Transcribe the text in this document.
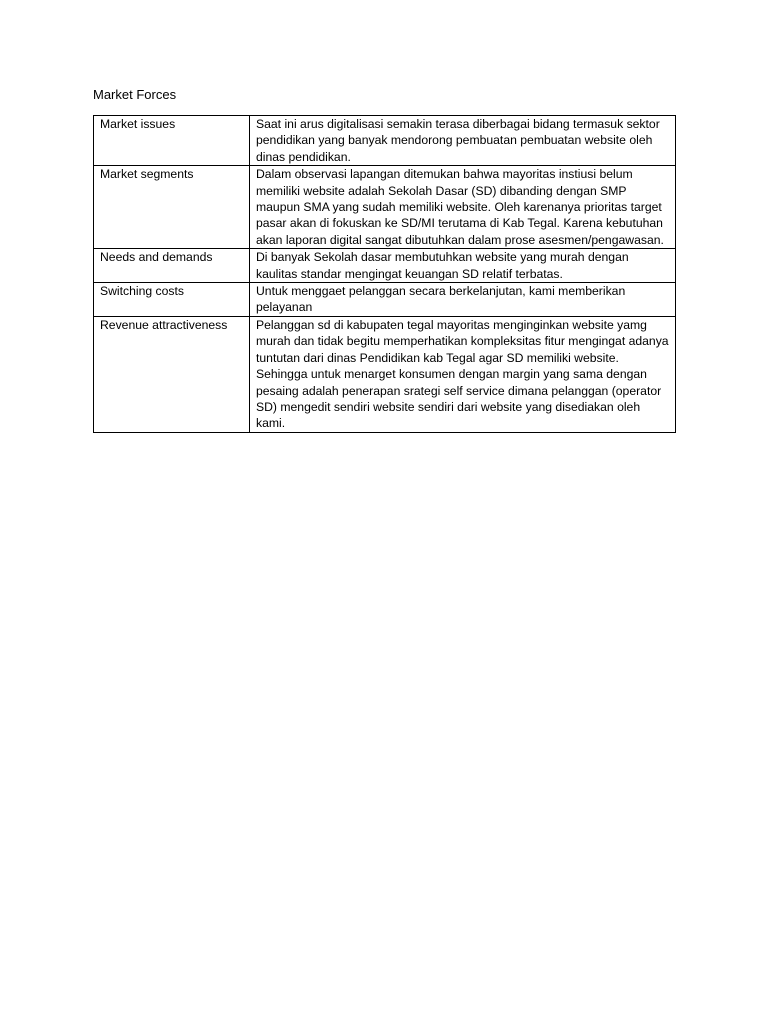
Market Forces
Market issues	Saat ini arus digitalisasi semakin terasa diberbagai bidang termasuk sektor pendidikan yang banyak mendorong pembuatan pembuatan website oleh dinas pendidikan.
Market segments	Dalam observasi lapangan ditemukan bahwa mayoritas instiusi belum memiliki website adalah Sekolah Dasar (SD) dibanding dengan SMP maupun SMA yang sudah memiliki website. Oleh karenanya prioritas target pasar akan di fokuskan ke SD/MI terutama di Kab Tegal. Karena kebutuhan akan laporan digital sangat dibutuhkan dalam prose asesmen/pengawasan.
Needs and demands	Di banyak Sekolah dasar membutuhkan website yang murah dengan kaulitas standar mengingat keuangan SD relatif terbatas.
Switching costs	Untuk menggaet pelanggan secara berkelanjutan, kami memberikan pelayanan
Revenue attractiveness	Pelanggan sd di kabupaten tegal mayoritas menginginkan website yamg murah dan tidak begitu memperhatikan kompleksitas fitur mengingat adanya tuntutan dari dinas Pendidikan kab Tegal agar SD memiliki website. Sehingga untuk menarget konsumen dengan margin yang sama dengan pesaing adalah penerapan srategi self service dimana pelanggan (operator SD) mengedit sendiri website sendiri dari website yang disediakan oleh kami.
